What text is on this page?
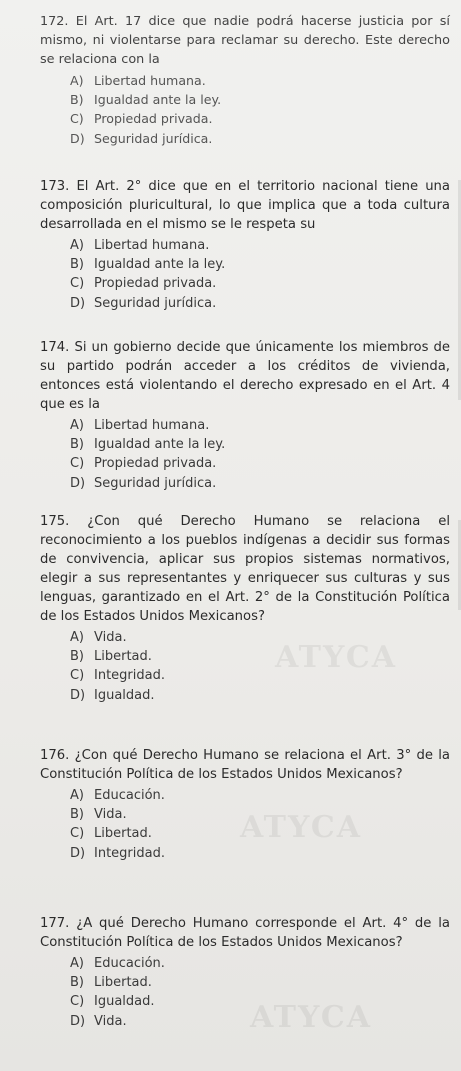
ATYCA
ATYCA
ATYCA
172. El Art. 17 dice que nadie podrá hacerse justicia por sí mismo, ni violentarse para reclamar su derecho. Este derecho se relaciona con la
A) Libertad humana.
B) Igualdad ante la ley.
C) Propiedad privada.
D) Seguridad jurídica.
173. El Art. 2° dice que en el territorio nacional tiene una composición pluricultural, lo que implica que a toda cultura desarrollada en el mismo se le respeta su
A) Libertad humana.
B) Igualdad ante la ley.
C) Propiedad privada.
D) Seguridad jurídica.
174. Si un gobierno decide que únicamente los miembros de su partido podrán acceder a los créditos de vivienda, entonces está violentando el derecho expresado en el Art. 4 que es la
A) Libertad humana.
B) Igualdad ante la ley.
C) Propiedad privada.
D) Seguridad jurídica.
175. ¿Con qué Derecho Humano se relaciona el reconocimiento a los pueblos indígenas a decidir sus formas de convivencia, aplicar sus propios sistemas normativos, elegir a sus representantes y enriquecer sus culturas y sus lenguas, garantizado en el Art. 2° de la Constitución Política de los Estados Unidos Mexicanos?
A) Vida.
B) Libertad.
C) Integridad.
D) Igualdad.
176. ¿Con qué Derecho Humano se relaciona el Art. 3° de la Constitución Política de los Estados Unidos Mexicanos?
A) Educación.
B) Vida.
C) Libertad.
D) Integridad.
177. ¿A qué Derecho Humano corresponde el Art. 4° de la Constitución Política de los Estados Unidos Mexicanos?
A) Educación.
B) Libertad.
C) Igualdad.
D) Vida.
